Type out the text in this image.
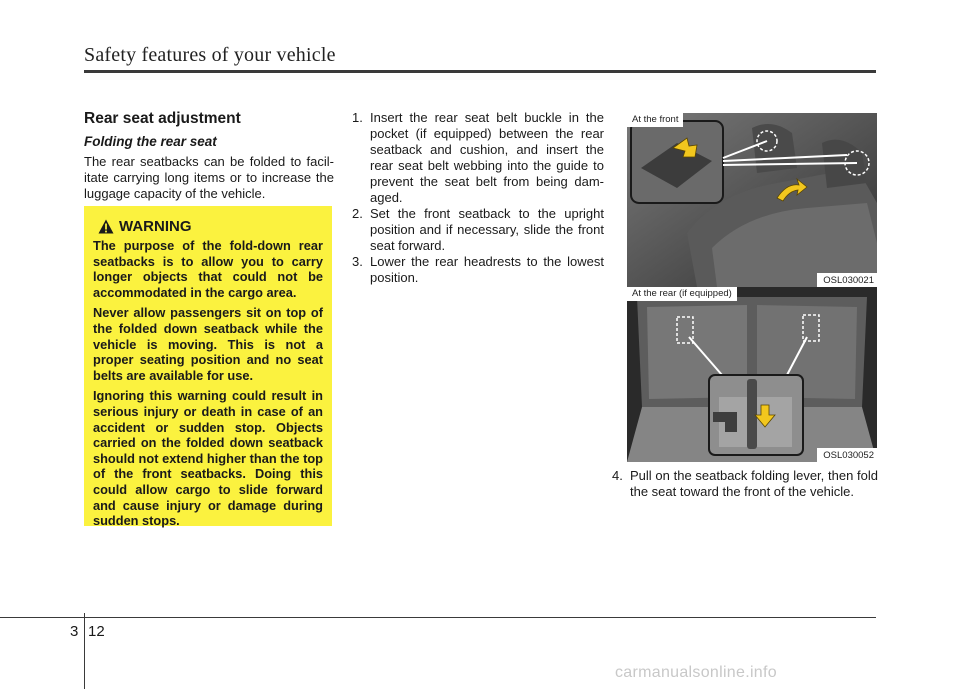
Safety features of your vehicle
Rear seat adjustment
Folding the rear seat

The rear seatbacks can be folded to facil-itate carrying long items or to increase the luggage capacity of the vehicle.

WARNING

The purpose of the fold-down rear seatbacks is to allow you to carry longer objects that could not be accommodated in the cargo area.

Never allow passengers sit on top of the folded down seatback while the vehicle is moving. This is not a proper seating position and no seat belts are available for use.

Ignoring this warning could result in serious injury or death in case of an accident or sudden stop. Objects carried on the folded down seatback should not extend higher than the top of the front seatbacks. Doing this could allow cargo to slide forward and cause injury or damage during sudden stops.

1. Insert the rear seat belt buckle in the pocket (if equipped) between the rear seatback and cushion, and insert the rear seat belt webbing into the guide to prevent the seat belt from being dam-aged.
2. Set the front seatback to the upright position and if necessary, slide the front seat forward.
3. Lower the rear headrests to the lowest position.
At the front
OSL030021
At the rear (if equipped)
OSL030052
4. Pull on the seatback folding lever, then fold the seat toward the front of the vehicle.
3 12
carmanualsonline.info
